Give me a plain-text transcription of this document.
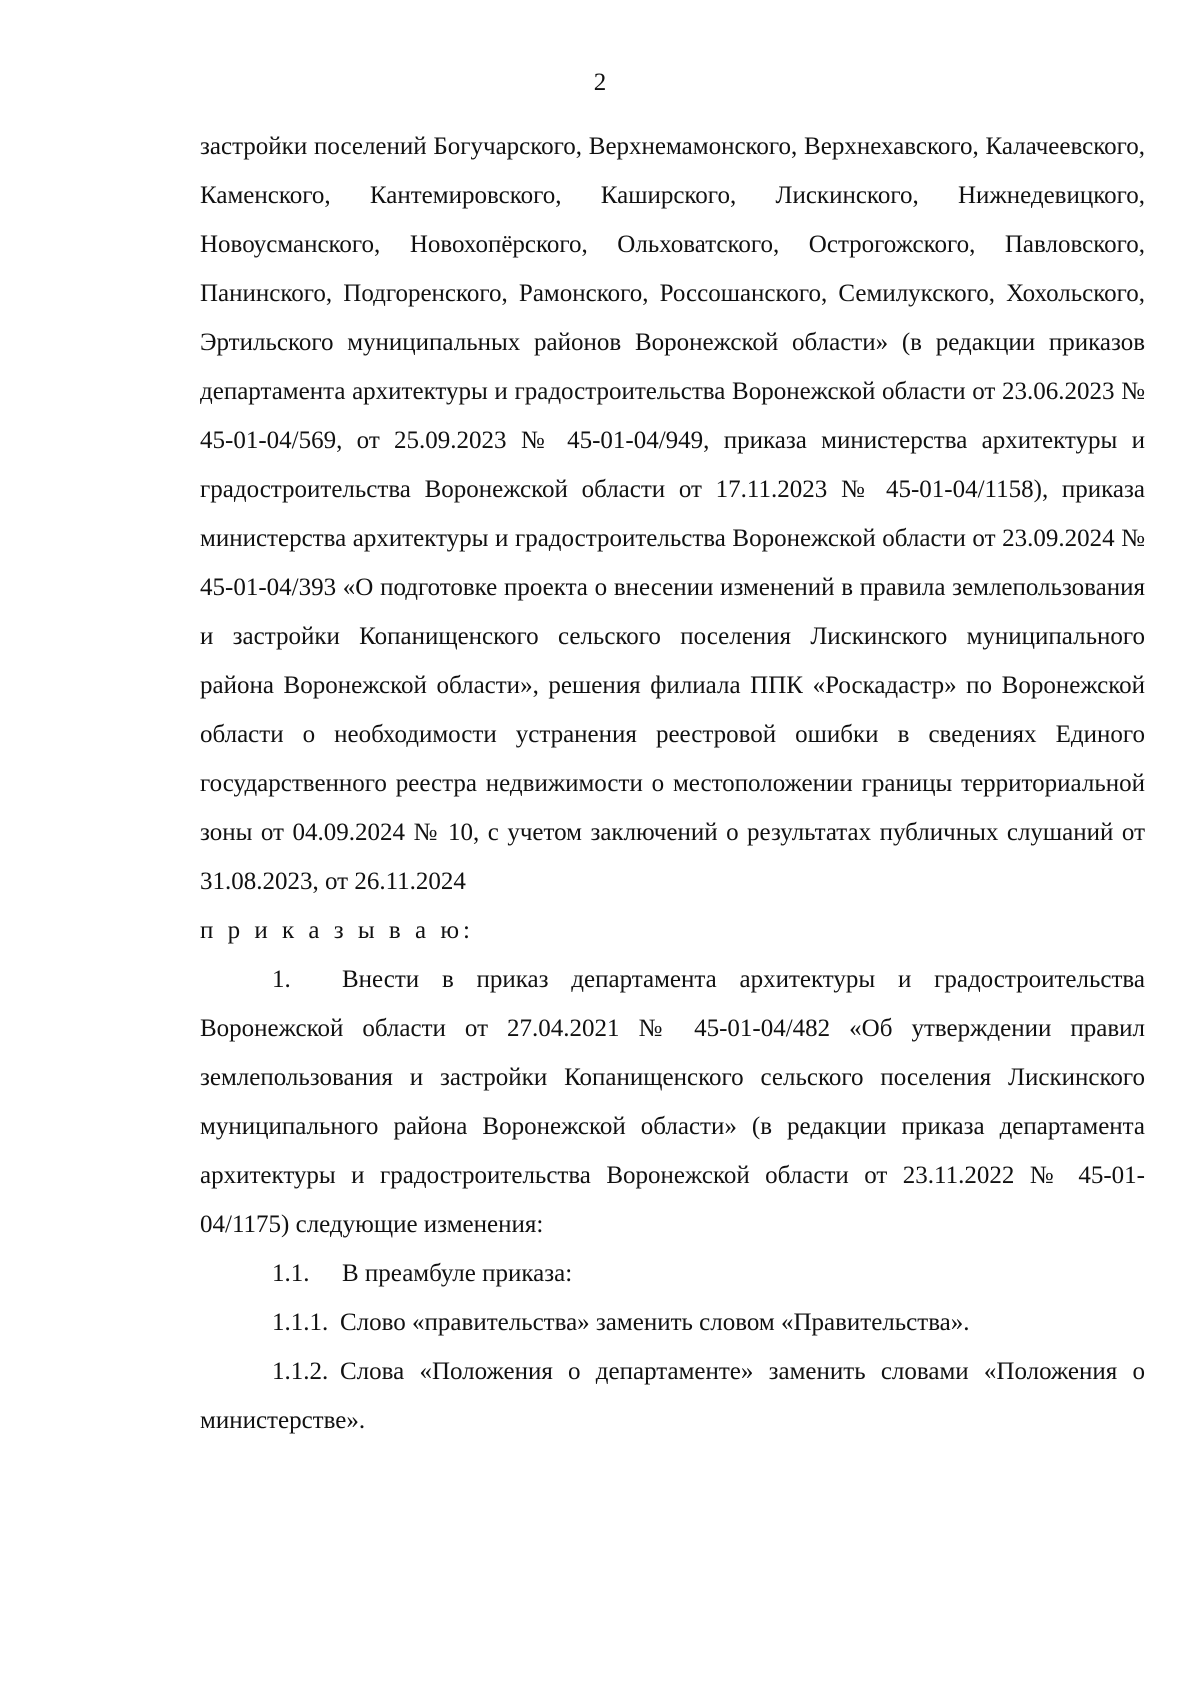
2

застройки поселений Богучарского, Верхнемамонского, Верхнехавского, Калачеевского, Каменского, Кантемировского, Каширского, Лискинского, Нижнедевицкого, Новоусманского, Новохопёрского, Ольховатского, Острогожского, Павловского, Панинского, Подгоренского, Рамонского, Россошанского, Семилукского, Хохольского, Эртильского муниципальных районов Воронежской области» (в редакции приказов департамента архитектуры и градостроительства Воронежской области от 23.06.2023 № 45-01-04/569, от 25.09.2023 № 45-01-04/949, приказа министерства архитектуры и градостроительства Воронежской области от 17.11.2023 № 45-01-04/1158), приказа министерства архитектуры и градостроительства Воронежской области от 23.09.2024 № 45-01-04/393 «О подготовке проекта о внесении изменений в правила землепользования и застройки Копанищенского сельского поселения Лискинского муниципального района Воронежской области», решения филиала ППК «Роскадастр» по Воронежской области о необходимости устранения реестровой ошибки в сведениях Единого государственного реестра недвижимости о местоположении границы территориальной зоны от 04.09.2024 № 10, с учетом заключений о результатах публичных слушаний от 31.08.2023, от 26.11.2024

п р и к а з ы в а ю:

1. Внести в приказ департамента архитектуры и градостроительства Воронежской области от 27.04.2021 № 45-01-04/482 «Об утверждении правил землепользования и застройки Копанищенского сельского поселения Лискинского муниципального района Воронежской области» (в редакции приказа департамента архитектуры и градостроительства Воронежской области от 23.11.2022 № 45-01-04/1175) следующие изменения:

1.1. В преамбуле приказа:

1.1.1. Слово «правительства» заменить словом «Правительства».

1.1.2. Слова «Положения о департаменте» заменить словами «Положения о министерстве».
